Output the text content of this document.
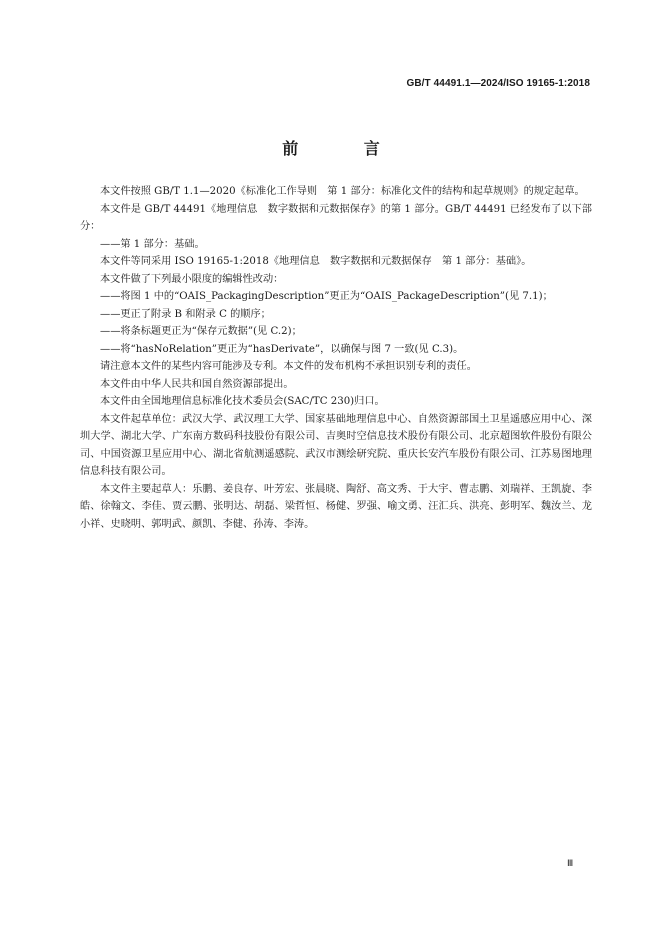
GB/T 44491.1—2024/ISO 19165-1:2018
前 言

本文件按照 GB/T 1.1—2020《标准化工作导则　第 1 部分：标准化文件的结构和起草规则》的规定起草。

本文件是 GB/T 44491《地理信息　数字数据和元数据保存》的第 1 部分。GB/T 44491 已经发布了以下部分：

——第 1 部分：基础。

本文件等同采用 ISO 19165-1:2018《地理信息　数字数据和元数据保存　第 1 部分：基础》。

本文件做了下列最小限度的编辑性改动：

——将图 1 中的“OAIS_PackagingDescription”更正为“OAIS_PackageDescription”(见 7.1)；

——更正了附录 B 和附录 C 的顺序；

——将条标题更正为“保存元数据”(见 C.2)；

——将“hasNoRelation”更正为“hasDerivate”，以确保与图 7 一致(见 C.3)。

请注意本文件的某些内容可能涉及专利。本文件的发布机构不承担识别专利的责任。

本文件由中华人民共和国自然资源部提出。

本文件由全国地理信息标准化技术委员会(SAC/TC 230)归口。

本文件起草单位：武汉大学、武汉理工大学、国家基础地理信息中心、自然资源部国土卫星遥感应用中心、深圳大学、湖北大学、广东南方数码科技股份有限公司、吉奥时空信息技术股份有限公司、北京超图软件股份有限公司、中国资源卫星应用中心、湖北省航测遥感院、武汉市测绘研究院、重庆长安汽车股份有限公司、江苏易图地理信息科技有限公司。

本文件主要起草人：乐鹏、姜良存、叶芳宏、张晨晓、陶舒、高文秀、于大宇、曹志鹏、刘瑞祥、王凯旋、李皓、徐翰文、李佳、贾云鹏、张明达、胡磊、梁哲恒、杨健、罗强、喻文勇、汪汇兵、洪亮、彭明军、魏汝兰、龙小祥、史晓明、郭明武、颜凯、李健、孙涛、李涛。

Ⅲ
